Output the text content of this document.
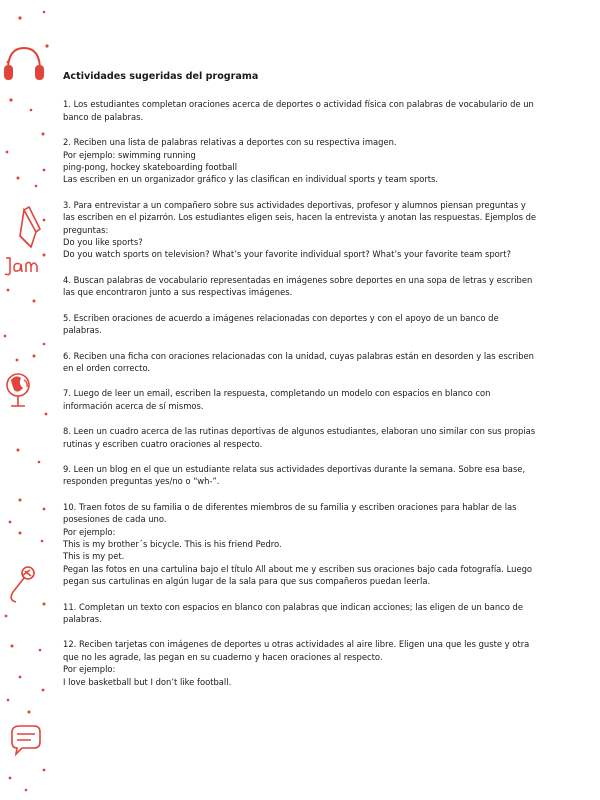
Actividades sugeridas del programa
1. Los estudiantes completan oraciones acerca de deportes o actividad física con palabras de vocabulario de un banco de palabras.
2. Reciben una lista de palabras relativas a deportes con su respectiva imagen.
Por ejemplo: swimming running
ping-pong, hockey skateboarding football
Las escriben en un organizador gráfico y las clasifican en individual sports y team sports.
3. Para entrevistar a un compañero sobre sus actividades deportivas, profesor y alumnos piensan preguntas y las escriben en el pizarrón. Los estudiantes eligen seis, hacen la entrevista y anotan las respuestas. Ejemplos de preguntas:
Do you like sports?
Do you watch sports on television? What’s your favorite individual sport? What’s your favorite team sport?
4. Buscan palabras de vocabulario representadas en imágenes sobre deportes en una sopa de letras y escriben las que encontraron junto a sus respectivas imágenes.
5. Escriben oraciones de acuerdo a imágenes relacionadas con deportes y con el apoyo de un banco de palabras.
6. Reciben una ficha con oraciones relacionadas con la unidad, cuyas palabras están en desorden y las escriben en el orden correcto.
7. Luego de leer un email, escriben la respuesta, completando un modelo con espacios en blanco con información acerca de sí mismos.
8. Leen un cuadro acerca de las rutinas deportivas de algunos estudiantes, elaboran uno similar con sus propias rutinas y escriben cuatro oraciones al respecto.
9. Leen un blog en el que un estudiante relata sus actividades deportivas durante la semana. Sobre esa base, responden preguntas yes/no o “wh-”.
10. Traen fotos de su familia o de diferentes miembros de su familia y escriben oraciones para hablar de las posesiones de cada uno.
Por ejemplo:
This is my brother´s bicycle. This is his friend Pedro.
This is my pet.
Pegan las fotos en una cartulina bajo el título All about me y escriben sus oraciones bajo cada fotografía. Luego pegan sus cartulinas en algún lugar de la sala para que sus compañeros puedan leerla.
11. Completan un texto con espacios en blanco con palabras que indican acciones; las eligen de un banco de palabras.
12. Reciben tarjetas con imágenes de deportes u otras actividades al aire libre. Eligen una que les guste y otra que no les agrade, las pegan en su cuaderno y hacen oraciones al respecto.
Por ejemplo:
I love basketball but I don’t like football.
